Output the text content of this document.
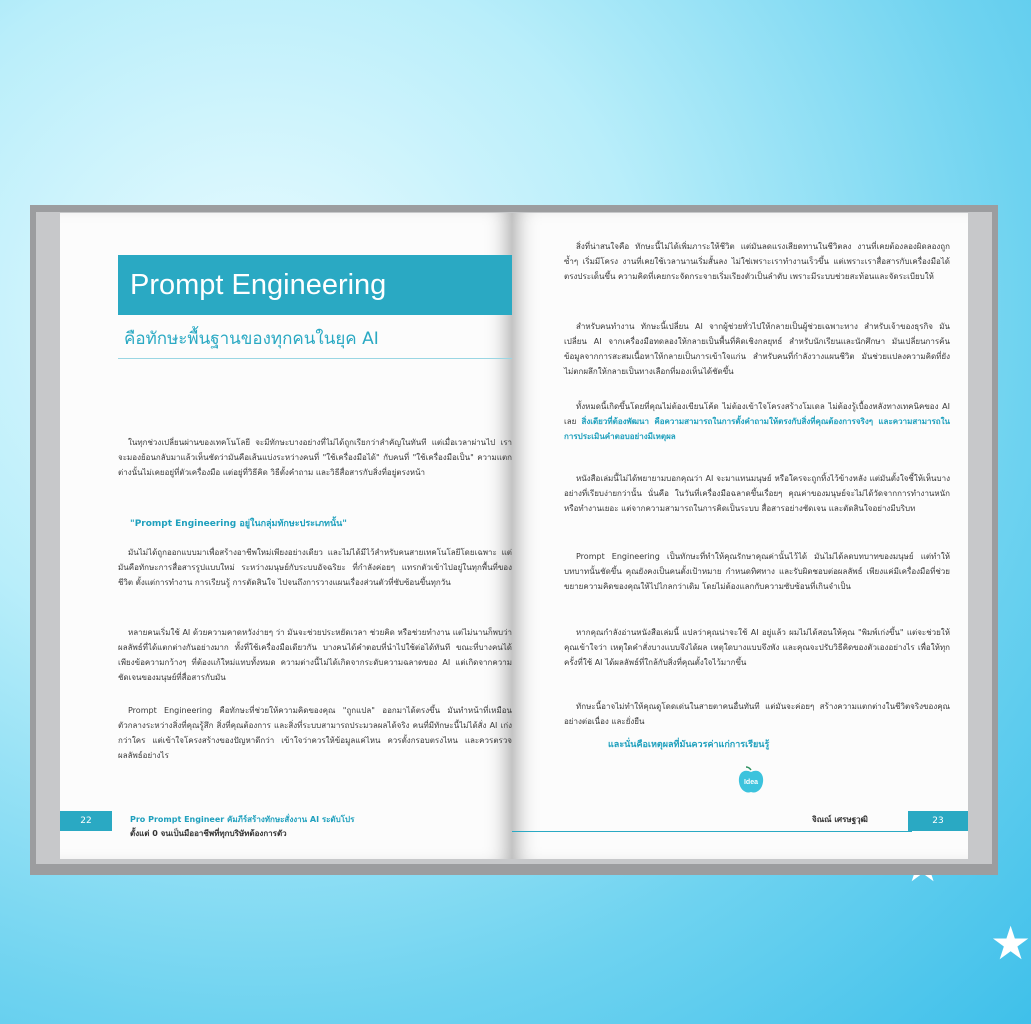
★
Prompt Engineering
คือทักษะพื้นฐานของทุกคนในยุค AI
ในทุกช่วงเปลี่ยนผ่านของเทคโนโลยี จะมีทักษะบางอย่างที่ไม่ได้ถูกเรียกว่าสำคัญในทันที แต่เมื่อเวลาผ่านไป เราจะมองย้อนกลับมาแล้วเห็นชัดว่ามันคือเส้นแบ่งระหว่างคนที่ "ใช้เครื่องมือได้" กับคนที่ "ใช้เครื่องมือเป็น" ความแตกต่างนั้นไม่เคยอยู่ที่ตัวเครื่องมือ แต่อยู่ที่วิธีคิด วิธีตั้งคำถาม และวิธีสื่อสารกับสิ่งที่อยู่ตรงหน้า
"Prompt Engineering อยู่ในกลุ่มทักษะประเภทนั้น"
มันไม่ได้ถูกออกแบบมาเพื่อสร้างอาชีพใหม่เพียงอย่างเดียว และไม่ได้มีไว้สำหรับคนสายเทคโนโลยีโดยเฉพาะ แต่มันคือทักษะการสื่อสารรูปแบบใหม่ ระหว่างมนุษย์กับระบบอัจฉริยะ ที่กำลังค่อยๆ แทรกตัวเข้าไปอยู่ในทุกพื้นที่ของชีวิต ตั้งแต่การทำงาน การเรียนรู้ การตัดสินใจ ไปจนถึงการวางแผนเรื่องส่วนตัวที่ซับซ้อนขึ้นทุกวัน
หลายคนเริ่มใช้ AI ด้วยความคาดหวังง่ายๆ ว่า มันจะช่วยประหยัดเวลา ช่วยคิด หรือช่วยทำงาน แต่ไม่นานก็พบว่า ผลลัพธ์ที่ได้แตกต่างกันอย่างมาก ทั้งที่ใช้เครื่องมือเดียวกัน บางคนได้คำตอบที่นำไปใช้ต่อได้ทันที ขณะที่บางคนได้เพียงข้อความกว้างๆ ที่ต้องแก้ใหม่แทบทั้งหมด ความต่างนี้ไม่ได้เกิดจากระดับความฉลาดของ AI แต่เกิดจากความชัดเจนของมนุษย์ที่สื่อสารกับมัน
Prompt Engineering คือทักษะที่ช่วยให้ความคิดของคุณ "ถูกแปล" ออกมาได้ตรงขึ้น มันทำหน้าที่เหมือนตัวกลางระหว่างสิ่งที่คุณรู้สึก สิ่งที่คุณต้องการ และสิ่งที่ระบบสามารถประมวลผลได้จริง คนที่มีทักษะนี้ไม่ได้สั่ง AI เก่งกว่าใคร แต่เข้าใจโครงสร้างของปัญหาดีกว่า เข้าใจว่าควรให้ข้อมูลแค่ไหน ควรตั้งกรอบตรงไหน และควรตรวจผลลัพธ์อย่างไร
22	Pro Prompt Engineer คัมภีร์สร้างทักษะสั่งงาน AI ระดับโปร
ตั้งแต่ 0 จนเป็นมืออาชีพที่ทุกบริษัทต้องการตัว
สิ่งที่น่าสนใจคือ ทักษะนี้ไม่ได้เพิ่มภาระให้ชีวิต แต่มันลดแรงเสียดทานในชีวิตลง งานที่เคยต้องลองผิดลองถูกซ้ำๆ เริ่มมีโครง งานที่เคยใช้เวลานานเริ่มสั้นลง ไม่ใช่เพราะเราทำงานเร็วขึ้น แต่เพราะเราสื่อสารกับเครื่องมือได้ตรงประเด็นขึ้น ความคิดที่เคยกระจัดกระจายเริ่มเรียงตัวเป็นลำดับ เพราะมีระบบช่วยสะท้อนและจัดระเบียบให้
สำหรับคนทำงาน ทักษะนี้เปลี่ยน AI จากผู้ช่วยทั่วไปให้กลายเป็นผู้ช่วยเฉพาะทาง สำหรับเจ้าของธุรกิจ มันเปลี่ยน AI จากเครื่องมือทดลองให้กลายเป็นพื้นที่คิดเชิงกลยุทธ์ สำหรับนักเรียนและนักศึกษา มันเปลี่ยนการค้นข้อมูลจากการสะสมเนื้อหาให้กลายเป็นการเข้าใจแก่น สำหรับคนที่กำลังวางแผนชีวิต มันช่วยแปลงความคิดที่ยังไม่ตกผลึกให้กลายเป็นทางเลือกที่มองเห็นได้ชัดขึ้น
ทั้งหมดนี้เกิดขึ้นโดยที่คุณไม่ต้องเขียนโค้ด ไม่ต้องเข้าใจโครงสร้างโมเดล ไม่ต้องรู้เบื้องหลังทางเทคนิคของ AI เลย สิ่งเดียวที่ต้องพัฒนา คือความสามารถในการตั้งคำถามให้ตรงกับสิ่งที่คุณต้องการจริงๆ และความสามารถในการประเมินคำตอบอย่างมีเหตุผล
หนังสือเล่มนี้ไม่ได้พยายามบอกคุณว่า AI จะมาแทนมนุษย์ หรือใครจะถูกทิ้งไว้ข้างหลัง แต่มันตั้งใจชี้ให้เห็นบางอย่างที่เรียบง่ายกว่านั้น นั่นคือ ในวันที่เครื่องมือฉลาดขึ้นเรื่อยๆ คุณค่าของมนุษย์จะไม่ได้วัดจากการทำงานหนักหรือทำงานเยอะ แต่จากความสามารถในการคิดเป็นระบบ สื่อสารอย่างชัดเจน และตัดสินใจอย่างมีบริบท
Prompt Engineering เป็นทักษะที่ทำให้คุณรักษาคุณค่านั้นไว้ได้ มันไม่ได้ลดบทบาทของมนุษย์ แต่ทำให้บทบาทนั้นชัดขึ้น คุณยังคงเป็นคนตั้งเป้าหมาย กำหนดทิศทาง และรับผิดชอบต่อผลลัพธ์ เพียงแค่มีเครื่องมือที่ช่วยขยายความคิดของคุณให้ไปไกลกว่าเดิม โดยไม่ต้องแลกกับความซับซ้อนที่เกินจำเป็น
หากคุณกำลังอ่านหนังสือเล่มนี้ แปลว่าคุณน่าจะใช้ AI อยู่แล้ว ผมไม่ได้สอนให้คุณ "พิมพ์เก่งขึ้น" แต่จะช่วยให้คุณเข้าใจว่า เหตุใดคำสั่งบางแบบจึงได้ผล เหตุใดบางแบบจึงพัง และคุณจะปรับวิธีคิดของตัวเองอย่างไร เพื่อให้ทุกครั้งที่ใช้ AI ได้ผลลัพธ์ที่ใกล้กับสิ่งที่คุณตั้งใจไว้มากขึ้น
ทักษะนี้อาจไม่ทำให้คุณดูโดดเด่นในสายตาคนอื่นทันที แต่มันจะค่อยๆ สร้างความแตกต่างในชีวิตจริงของคุณ อย่างต่อเนื่อง และยั่งยืน
และนั่นคือเหตุผลที่มันควรค่าแก่การเรียนรู้
Idea
จิณณ์ เศรษฐวุฒิ	23
